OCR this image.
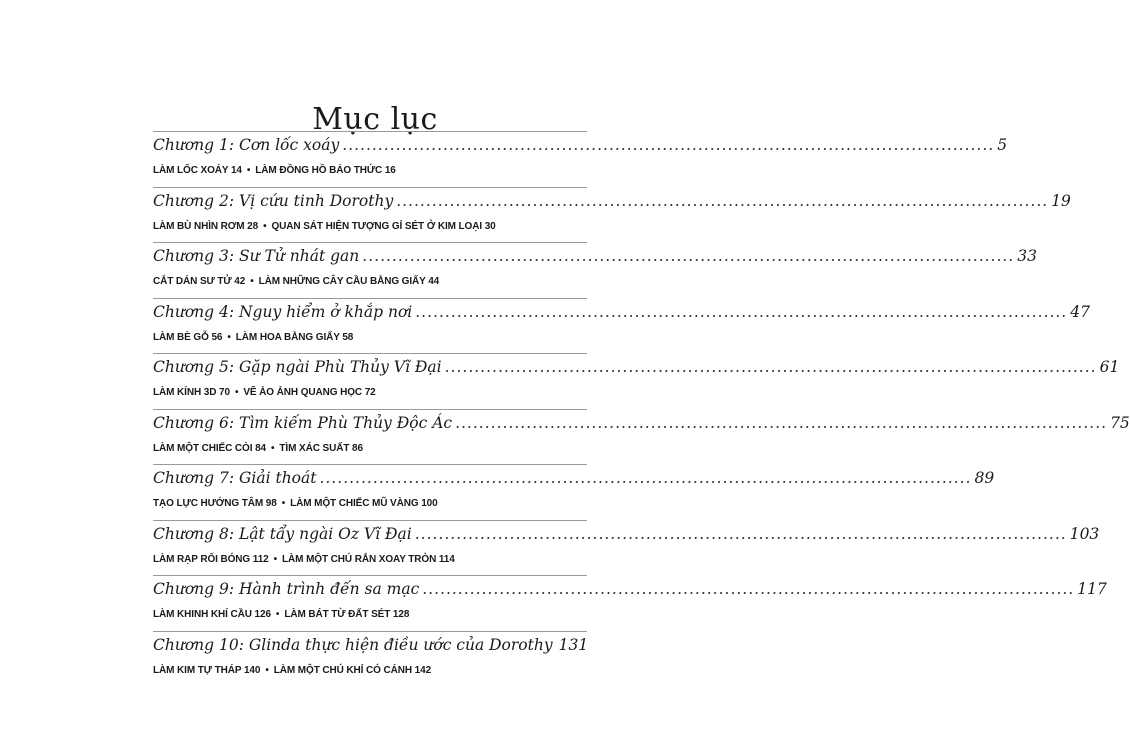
Mục lục
Chương 1: Cơn lốc xoáy .............................................................................................................. 5
LÀM LỐC XOÁY 14 • LÀM ĐỒNG HỒ BÁO THỨC 16
Chương 2: Vị cứu tinh Dorothy .............................................................................................................. 19
LÀM BÙ NHÌN RƠM 28 • QUAN SÁT HIỆN TƯỢNG GỈ SÉT Ở KIM LOẠI 30
Chương 3: Sư Tử nhát gan .............................................................................................................. 33
CẮT DÁN SƯ TỬ 42 • LÀM NHỮNG CÂY CẦU BẰNG GIẤY 44
Chương 4: Nguy hiểm ở khắp nơi .............................................................................................................. 47
LÀM BÈ GỖ 56 • LÀM HOA BẰNG GIẤY 58
Chương 5: Gặp ngài Phù Thủy Vĩ Đại .............................................................................................................. 61
LÀM KÍNH 3D 70 • VẼ ẢO ẢNH QUANG HỌC 72
Chương 6: Tìm kiếm Phù Thủy Độc Ác .............................................................................................................. 75
LÀM MỘT CHIẾC CÒI 84 • TÌM XÁC SUẤT 86
Chương 7: Giải thoát .............................................................................................................. 89
TẠO LỰC HƯỚNG TÂM 98 • LÀM MỘT CHIẾC MŨ VÀNG 100
Chương 8: Lật tẩy ngài Oz Vĩ Đại .............................................................................................................. 103
LÀM RẠP RỐI BÓNG 112 • LÀM MỘT CHÚ RẮN XOAY TRÒN 114
Chương 9: Hành trình đến sa mạc .............................................................................................................. 117
LÀM KHINH KHÍ CẦU 126 • LÀM BÁT TỪ ĐẤT SÉT 128
Chương 10: Glinda thực hiện điều ước của Dorothy 131
LÀM KIM TỰ THÁP 140 • LÀM MỘT CHÚ KHỈ CÓ CÁNH 142
